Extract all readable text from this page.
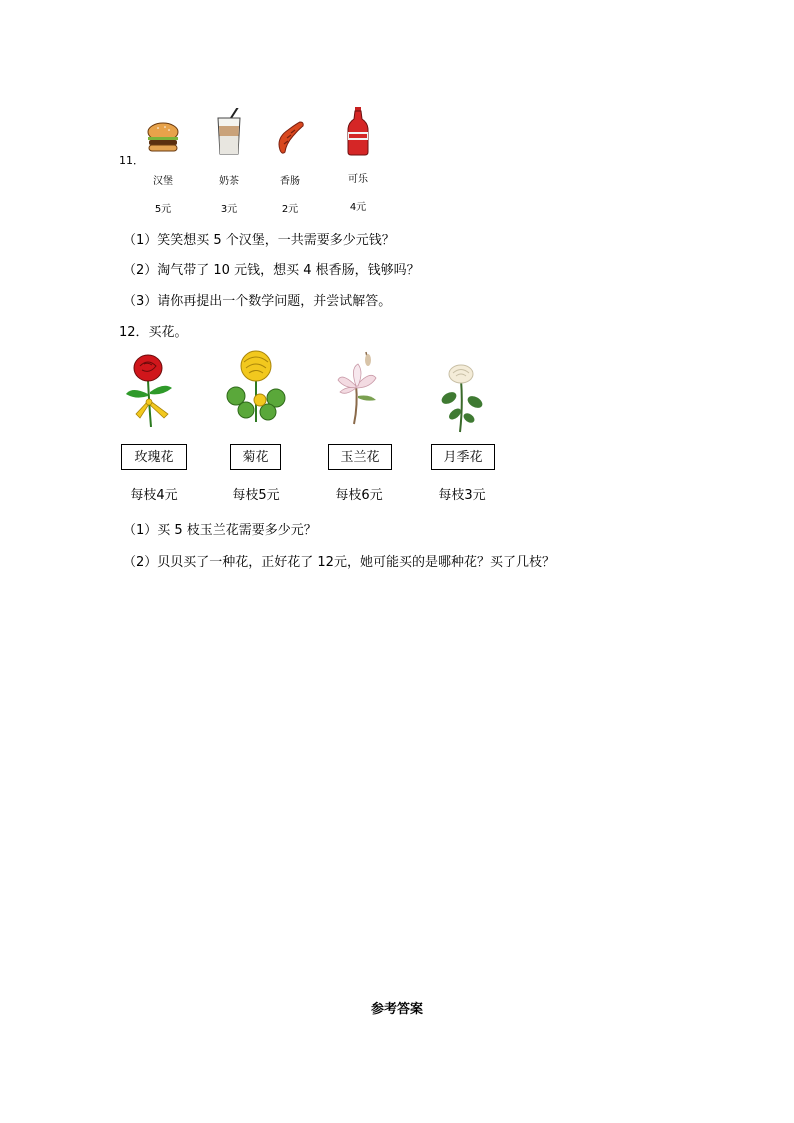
11．
汉堡
5元
奶茶
3元
香肠
2元
可乐
4元
（1）笑笑想买 5 个汉堡，一共需要多少元钱？
（2）淘气带了 10 元钱，想买 4 根香肠，钱够吗？
（3）请你再提出一个数学问题，并尝试解答。
12．买花。
玫瑰花	菊花	玉兰花	月季花
每枝4元	每枝5元	每枝6元	每枝3元
（1）买 5 枝玉兰花需要多少元？
（2）贝贝买了一种花，正好花了 12元，她可能买的是哪种花？买了几枝？
参考答案
